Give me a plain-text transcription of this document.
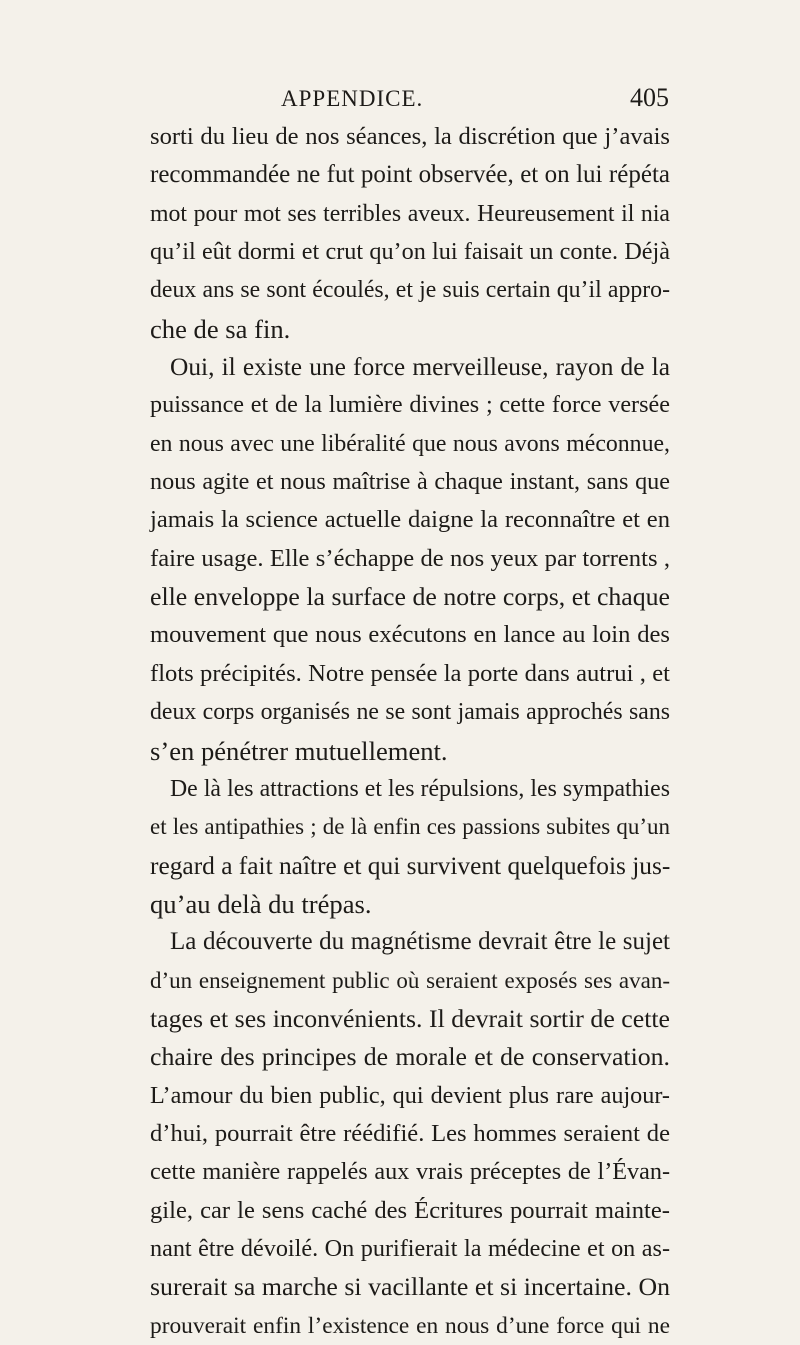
APPENDICE.	405
sorti du lieu de nos séances, la discrétion que j’avais
recommandée ne fut point observée, et on lui répéta
mot pour mot ses terribles aveux. Heureusement il nia
qu’il eût dormi et crut qu’on lui faisait un conte. Déjà
deux ans se sont écoulés, et je suis certain qu’il appro-
che de sa fin.
Oui, il existe une force merveilleuse, rayon de la
puissance et de la lumière divines ; cette force versée
en nous avec une libéralité que nous avons méconnue,
nous agite et nous maîtrise à chaque instant, sans que
jamais la science actuelle daigne la reconnaître et en
faire usage. Elle s’échappe de nos yeux par torrents ,
elle enveloppe la surface de notre corps, et chaque
mouvement que nous exécutons en lance au loin des
flots précipités. Notre pensée la porte dans autrui , et
deux corps organisés ne se sont jamais approchés sans
s’en pénétrer mutuellement.
De là les attractions et les répulsions, les sympathies
et les antipathies ; de là enfin ces passions subites qu’un
regard a fait naître et qui survivent quelquefois jus-
qu’au delà du trépas.
La découverte du magnétisme devrait être le sujet
d’un enseignement public où seraient exposés ses avan-
tages et ses inconvénients. Il devrait sortir de cette
chaire des principes de morale et de conservation.
L’amour du bien public, qui devient plus rare aujour-
d’hui, pourrait être réédifié. Les hommes seraient de
cette manière rappelés aux vrais préceptes de l’Évan-
gile, car le sens caché des Écritures pourrait mainte-
nant être dévoilé. On purifierait la médecine et on as-
surerait sa marche si vacillante et si incertaine. On
prouverait enfin l’existence en nous d’une force qui ne
